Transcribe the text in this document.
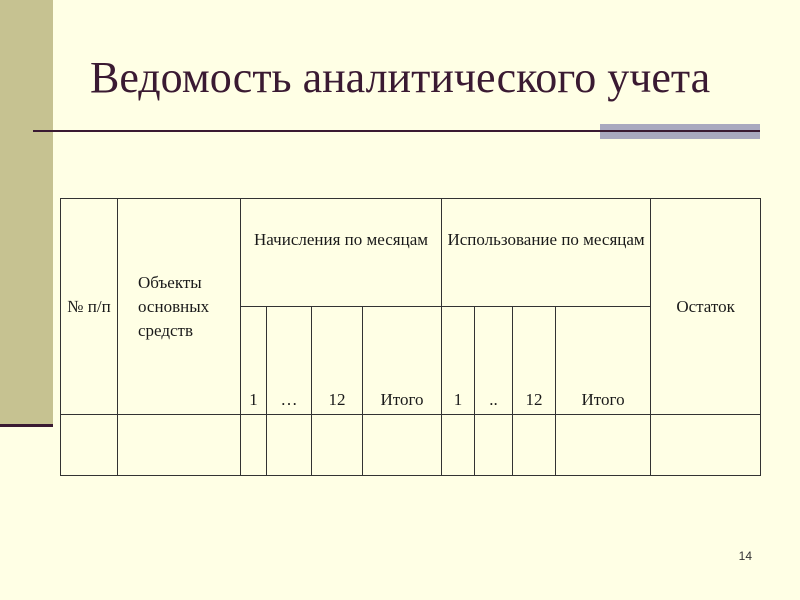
Ведомость аналитического учета
№ п/п	Объекты основных средств	Начисления по месяцам				Использование по месяцам				Остаток
		1	…	12	Итого	1	..	12	Итого	

14
